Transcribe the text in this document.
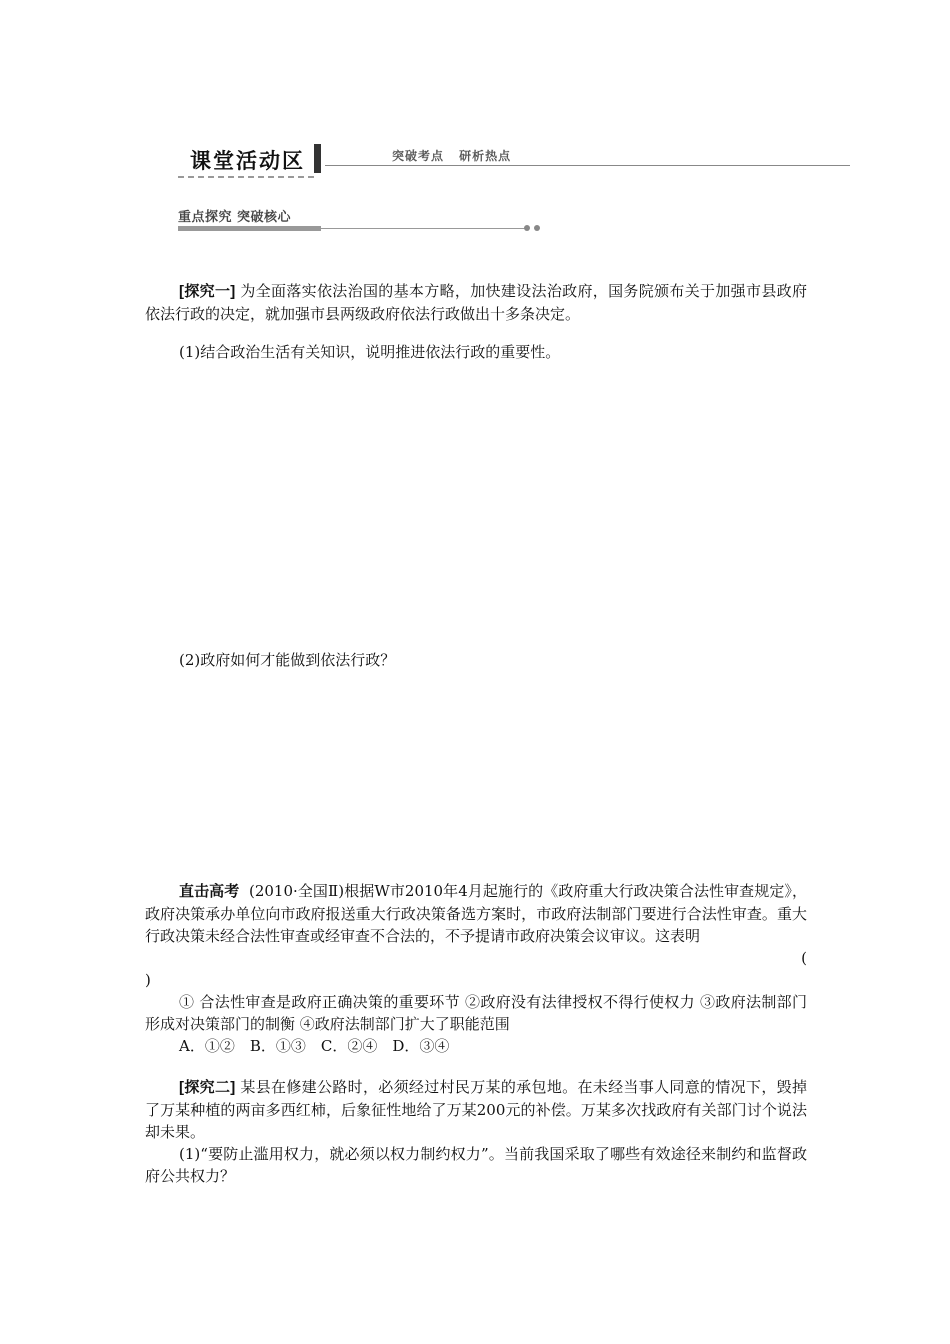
课堂活动区	突破考点 研析热点
重点探究 突破核心

[探究一] 为全面落实依法治国的基本方略，加快建设法治政府，国务院颁布关于加强市县政府依法行政的决定，就加强市县两级政府依法行政做出十多条决定。

(1)结合政治生活有关知识，说明推进依法行政的重要性。

(2)政府如何才能做到依法行政？

直击高考 (2010·全国Ⅱ)根据W市2010年4月起施行的《政府重大行政决策合法性审查规定》，政府决策承办单位向市政府报送重大行政决策备选方案时，市政府法制部门要进行合法性审查。重大行政决策未经合法性审查或经审查不合法的，不予提请市政府决策会议审议。这表明
(
)
① 合法性审查是政府正确决策的重要环节 ②政府没有法律授权不得行使权力 ③政府法制部门形成对决策部门的制衡 ④政府法制部门扩大了职能范围
A．①②　B．①③　C．②④　D．③④
[探究二] 某县在修建公路时，必须经过村民万某的承包地。在未经当事人同意的情况下，毁掉了万某种植的两亩多西红柿，后象征性地给了万某200元的补偿。万某多次找政府有关部门讨个说法却未果。
(1)“要防止滥用权力，就必须以权力制约权力”。当前我国采取了哪些有效途径来制约和监督政府公共权力？
